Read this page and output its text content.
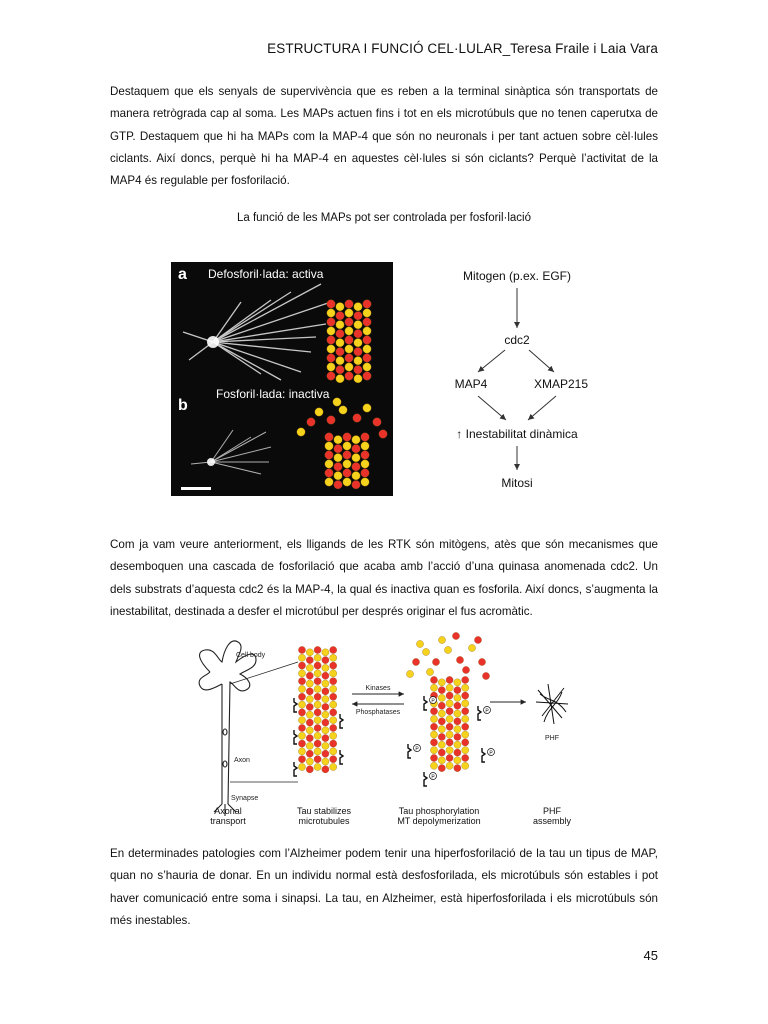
ESTRUCTURA I FUNCIÓ CEL·LULAR_Teresa Fraile i Laia Vara
Destaquem que els senyals de supervivència que es reben a la terminal sinàptica són transportats de manera retrògrada cap al soma. Les MAPs actuen fins i tot en els microtúbuls que no tenen caperutxa de GTP. Destaquem que hi ha MAPs com la MAP-4 que són no neuronals i per tant actuen sobre cèl·lules ciclants. Així doncs, perquè hi ha MAP-4 en aquestes cèl·lules si són ciclants? Perquè l’activitat de la MAP4 és regulable per fosforilació.
La funció de les MAPs pot ser controlada per fosforil·lació
a Defosforil·lada: activa
b
Fosforil·lada: inactiva
Mitogen (p.ex. EGF)
cdc2
MAP4	XMAP215
↑ Inestabilitat dinàmica
Mitosi
Com ja vam veure anteriorment, els lligands de les RTK són mitògens, atès que són mecanismes que desemboquen una cascada de fosforilació que acaba amb l’acció d’una quinasa anomenada cdc2. Un dels substrats d’aquesta cdc2 és la MAP-4, la qual és inactiva quan es fosforila. Així doncs, s’augmenta la inestabilitat, destinada a desfer el microtúbul per després originar el fus acromàtic.
Cell body
Axon
Synapse
Kinases
Phosphatases
P
P
P
P
P
PHF
Axonal
transport
Tau stabilizes
microtubules
Tau phosphorylation
MT depolymerization
PHF
assembly
En determinades patologies com l’Alzheimer podem tenir una hiperfosforilació de la tau un tipus de MAP, quan no s’hauria de donar. En un individu normal està desfosforilada, els microtúbuls són estables i pot haver comunicació entre soma i sinapsi. La tau, en Alzheimer, està hiperfosforilada i els microtúbuls són més inestables.
45
